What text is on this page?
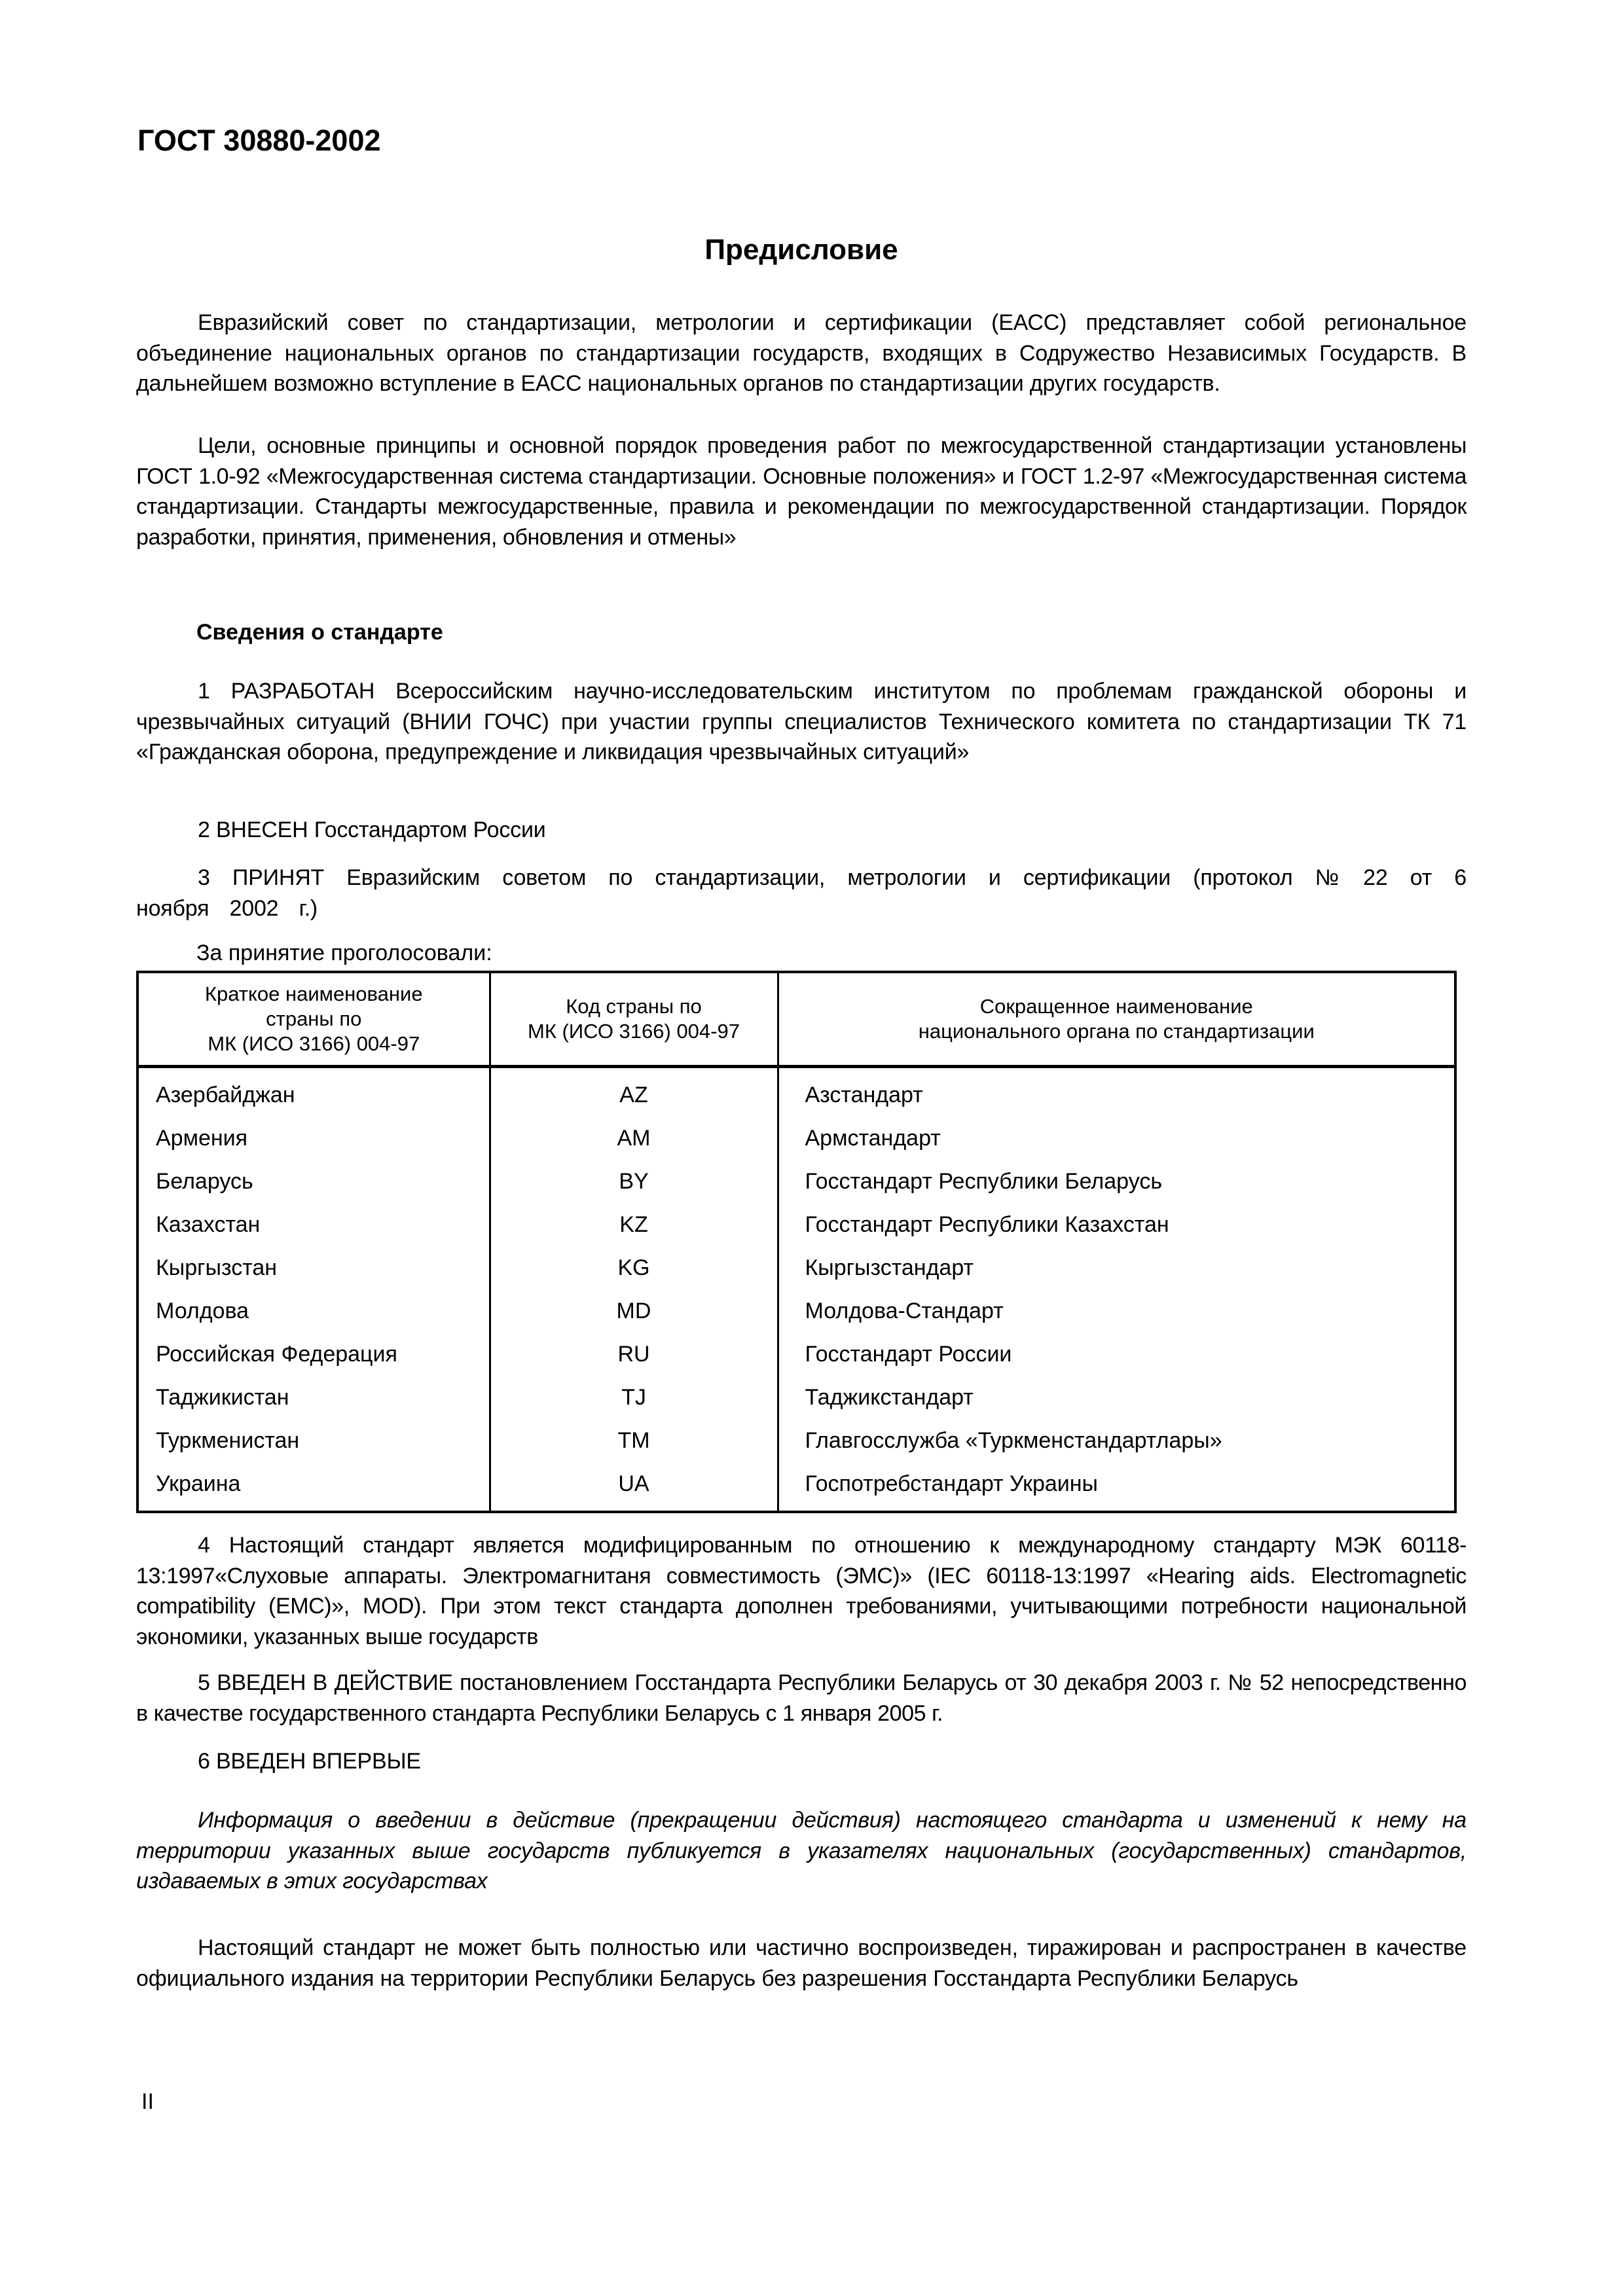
ГОСТ 30880-2002
Предисловие

Евразийский совет по стандартизации, метрологии и сертификации (ЕАСС) представляет собой региональное объединение национальных органов по стандартизации государств, входящих в Содружество Независимых Государств. В дальнейшем возможно вступление в ЕАСС национальных органов по стандартизации других государств.

Цели, основные принципы и основной порядок проведения работ по межгосударственной стандартизации установлены ГОСТ 1.0-92 «Межгосударственная система стандартизации. Основные положения» и ГОСТ 1.2-97 «Межгосударственная система стандартизации. Стандарты межгосударственные, правила и рекомендации по межгосударственной стандартизации. Порядок разработки, принятия, применения, обновления и отмены»

Сведения о стандарте

1 РАЗРАБОТАН Всероссийским научно-исследовательским институтом по проблемам гражданской обороны и чрезвычайных ситуаций (ВНИИ ГОЧС) при участии группы специалистов Технического комитета по стандартизации ТК 71 «Гражданская оборона, предупреждение и ликвидация чрезвычайных ситуаций»

2 ВНЕСЕН Госстандартом России

3 ПРИНЯТ Евразийским советом по стандартизации, метрологии и сертификации (протокол № 22 от 6 ноября 2002 г.)

За принятие проголосовали:
Краткое наименование
страны по
МК (ИСО 3166) 004-97

Код страны по
МК (ИСО 3166) 004-97

Сокращенное наименование
национального органа по стандартизации

Азербайджан	AZ	Азстандарт
Армения	AM	Армстандарт
Беларусь	BY	Госстандарт Республики Беларусь
Казахстан	KZ	Госстандарт Республики Казахстан
Кыргызстан	KG	Кыргызстандарт
Молдова	MD	Молдова-Стандарт
Российская Федерация	RU	Госстандарт России
Таджикистан	TJ	Таджикстандарт
Туркменистан	TM	Главгосслужба «Туркменстандартлары»
Украина	UA	Госпотребстандарт Украины

4 Настоящий стандарт является модифицированным по отношению к международному стандарту МЭК 60118-13:1997«Слуховые аппараты. Электромагнитаня совместимость (ЭМС)» (IEC 60118-13:1997 «Hearing aids. Electromagnetic compatibility (EMC)», MOD). При этом текст стандарта дополнен требованиями, учитывающими потребности национальной экономики, указанных выше государств

5 ВВЕДЕН В ДЕЙСТВИЕ постановлением Госстандарта Республики Беларусь от 30 декабря 2003 г. № 52 непосредственно в качестве государственного стандарта Республики Беларусь с 1 января 2005 г.

6 ВВЕДЕН ВПЕРВЫЕ

Информация о введении в действие (прекращении действия) настоящего стандарта и изменений к нему на территории указанных выше государств публикуется в указателях национальных (государственных) стандартов, издаваемых в этих государствах

Настоящий стандарт не может быть полностью или частично воспроизведен, тиражирован и распространен в качестве официального издания на территории Республики Беларусь без разрешения Госстандарта Республики Беларусь

II
